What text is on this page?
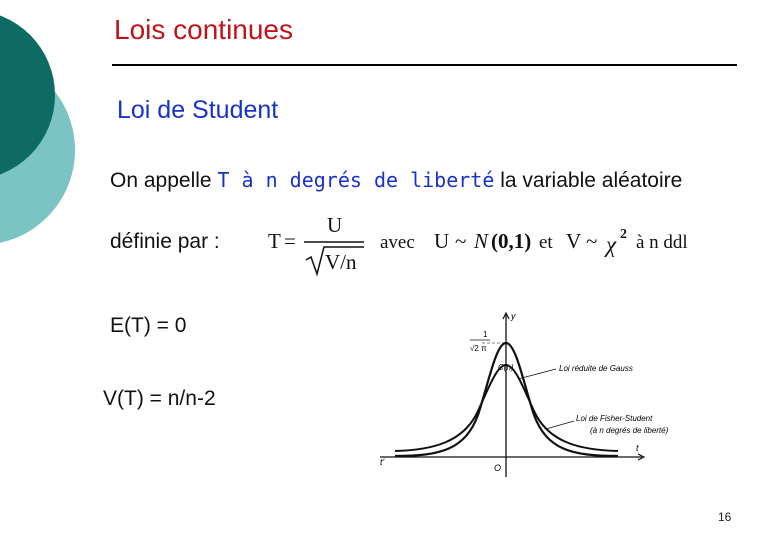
Lois continues
Loi de Student
On appelle T à n degrés de liberté la variable aléatoire
définie par : T =
U
V/n
avec U ~ N (0,1) et V ~ χ 2 à n ddl
E(T) = 0
V(T) = n/n-2
y
t
t'
O
1
√2 π
C(n)	Loi réduite de Gauss
Loi de Fisher-Student
(à n degrés de liberté)
16
